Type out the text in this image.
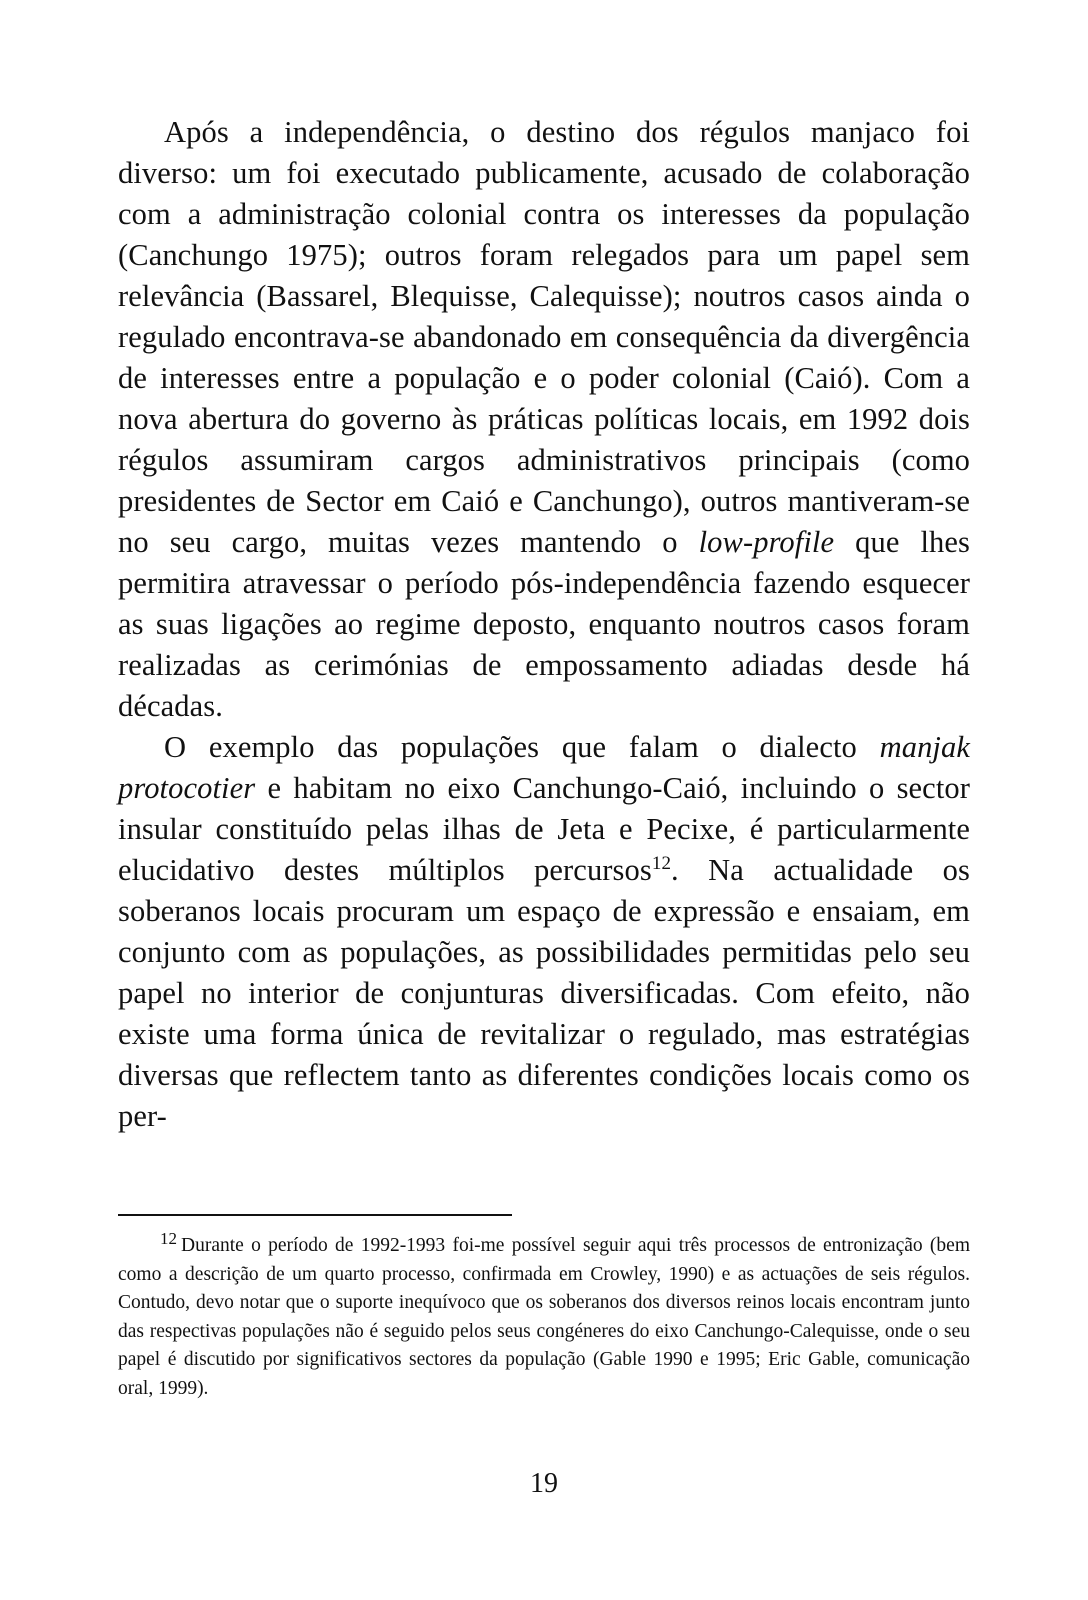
Após a independência, o destino dos régulos manjaco foi diverso: um foi executado publicamente, acusado de colaboração com a administração colonial contra os interesses da população (Canchungo 1975); outros foram relegados para um papel sem relevância (Bassarel, Blequisse, Calequisse); noutros casos ainda o regulado encontrava-se abandonado em consequência da divergência de interesses entre a população e o poder colonial (Caió). Com a nova abertura do governo às práticas políticas locais, em 1992 dois régulos assumiram cargos administrativos principais (como presidentes de Sector em Caió e Canchungo), outros mantiveram-se no seu cargo, muitas vezes mantendo o low-profile que lhes permitira atravessar o período pós-independência fazendo esquecer as suas ligações ao regime deposto, enquanto noutros casos foram realizadas as cerimónias de empossamento adiadas desde há décadas.

O exemplo das populações que falam o dialecto manjak protocotier e habitam no eixo Canchungo-Caió, incluindo o sector insular constituído pelas ilhas de Jeta e Pecixe, é particularmente elucidativo destes múltiplos percursos$^{12}$. Na actualidade os soberanos locais procuram um espaço de expressão e ensaiam, em conjunto com as populações, as possibilidades permitidas pelo seu papel no interior de conjunturas diversificadas. Com efeito, não existe uma forma única de revitalizar o regulado, mas estratégias diversas que reflectem tanto as diferentes condições locais como os per-

12 Durante o período de 1992-1993 foi-me possível seguir aqui três processos de entronização (bem como a descrição de um quarto processo, confirmada em Crowley, 1990) e as actuações de seis régulos. Contudo, devo notar que o suporte inequívoco que os soberanos dos diversos reinos locais encontram junto das respectivas populações não é seguido pelos seus congéneres do eixo Canchungo-Calequisse, onde o seu papel é discutido por significativos sectores da população (Gable 1990 e 1995; Eric Gable, comunicação oral, 1999).

19
